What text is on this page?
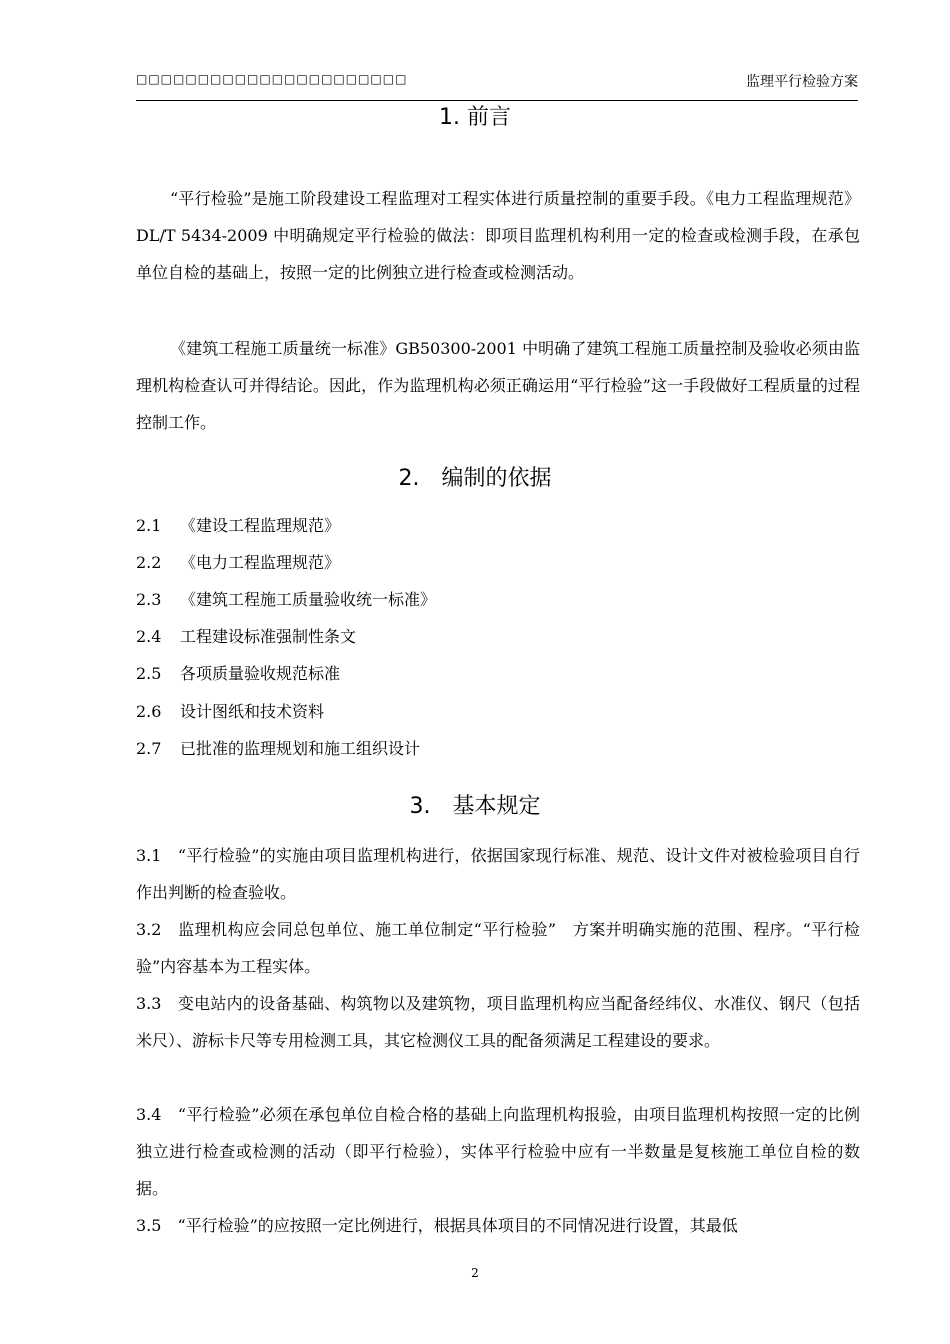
□□□□□□□□□□□□□□□□□□□□□□	监理平行检验方案
1. 前言
“平行检验”是施工阶段建设工程监理对工程实体进行质量控制的重要手段。《电力工程监理规范》DL/T 5434-2009 中明确规定平行检验的做法：即项目监理机构利用一定的检查或检测手段，在承包单位自检的基础上，按照一定的比例独立进行检查或检测活动。
《建筑工程施工质量统一标准》GB50300-2001 中明确了建筑工程施工质量控制及验收必须由监理机构检查认可并得结论。因此，作为监理机构必须正确运用“平行检验”这一手段做好工程质量的过程控制工作。
2.　编制的依据
2.1 《建设工程监理规范》
2.2 《电力工程监理规范》
2.3 《建筑工程施工质量验收统一标准》
2.4 工程建设标准强制性条文
2.5 各项质量验收规范标准
2.6 设计图纸和技术资料
2.7 已批准的监理规划和施工组织设计
3.　基本规定
3.1　“平行检验”的实施由项目监理机构进行，依据国家现行标准、规范、设计文件对被检验项目自行作出判断的检查验收。
3.2　监理机构应会同总包单位、施工单位制定“平行检验”　方案并明确实施的范围、程序。“平行检验”内容基本为工程实体。
3.3　变电站内的设备基础、构筑物以及建筑物，项目监理机构应当配备经纬仪、水准仪、钢尺（包括米尺）、游标卡尺等专用检测工具，其它检测仪工具的配备须满足工程建设的要求。
3.4　“平行检验”必须在承包单位自检合格的基础上向监理机构报验，由项目监理机构按照一定的比例独立进行检查或检测的活动（即平行检验），实体平行检验中应有一半数量是复核施工单位自检的数据。
3.5　“平行检验”的应按照一定比例进行，根据具体项目的不同情况进行设置，其最低
2
